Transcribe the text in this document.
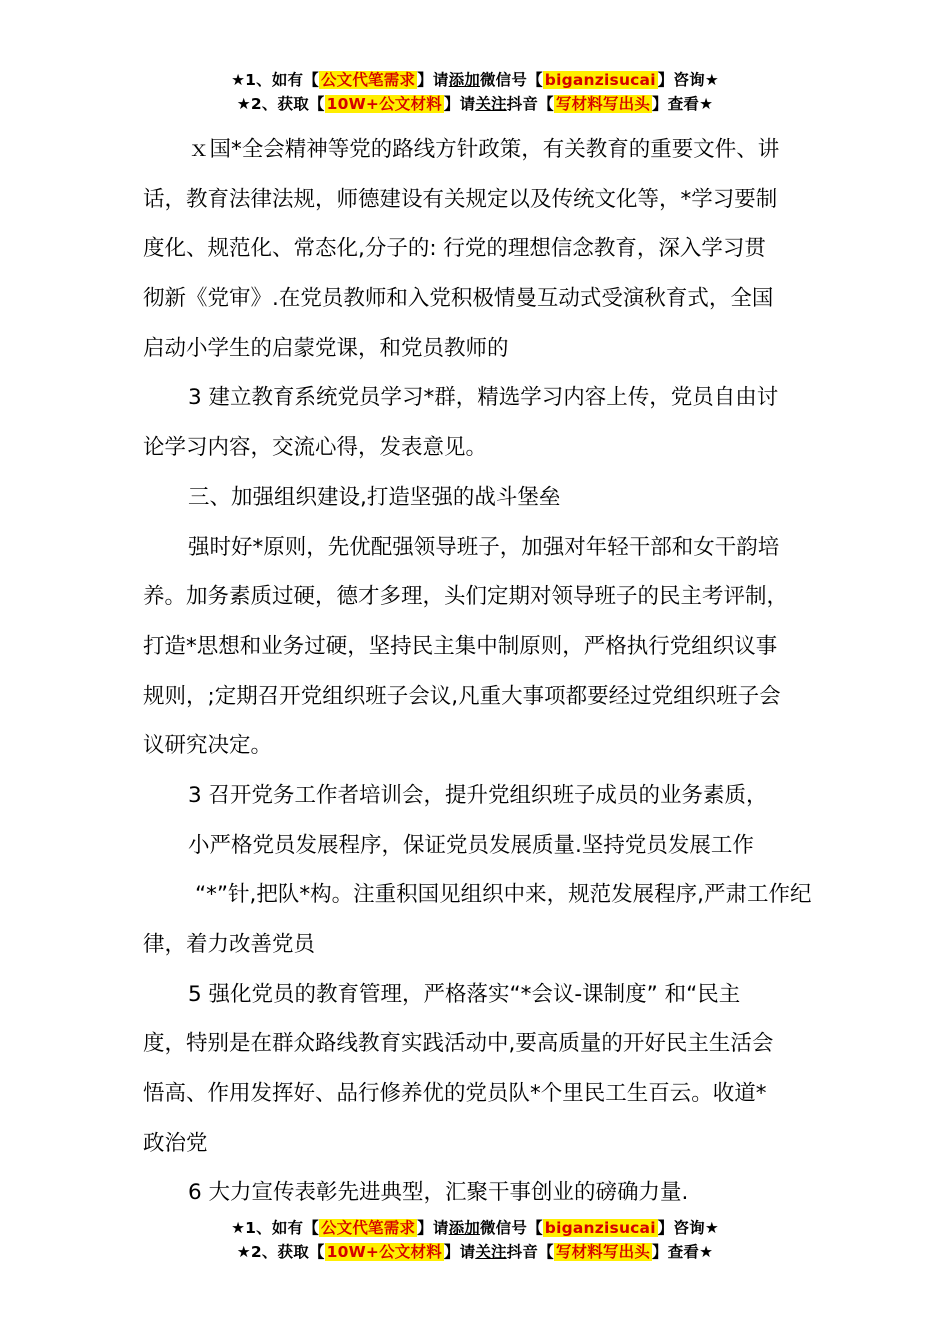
★1、如有【 公文代笔需求 】请添加微信号【 biganzisucai 】咨询★
★2、获取【 10W+公文材料 】请关注抖音【 写材料写出头 】查看★
ｘ国*全会精神等党的路线方针政策，有关教育的重要文件、讲
话，教育法律法规，师德建设有关规定以及传统文化等，*学习要制
度化、规范化、常态化,分子的: 行党的理想信念教育，深入学习贯
彻新《党审》.在党员教师和入党积极情曼互动式受演秋育式，全国
启动小学生的启蒙党课，和党员教师的
3 建立教育系统党员学习*群，精选学习内容上传，党员自由讨
论学习内容，交流心得，发表意见。
三、加强组织建设,打造坚强的战斗堡垒
强时好*原则，先优配强领导班子，加强对年轻干部和女干韵培
养。加务素质过硬，德才多理，头们定期对领导班子的民主考评制，
打造*思想和业务过硬，坚持民主集中制原则，严格执行党组织议事
规则，;定期召开党组织班子会议,凡重大事项都要经过党组织班子会
议研究决定。
3 召开党务工作者培训会，提升党组织班子成员的业务素质，
小严格党员发展程序，保证党员发展质量.坚持党员发展工作
“*”针,把队*构。注重积国见组织中来，规范发展程序,严肃工作纪
律，着力改善党员
5 强化党员的教育管理，严格落实“*会议-课制度” 和“民主
度，特别是在群众路线教育实践活动中,要高质量的开好民主生活会
悟高、作用发挥好、品行修养优的党员队*个里民工生百云。收道*
政治党
6 大力宣传表彰先进典型，汇聚干事创业的磅确力量.
★1、如有【 公文代笔需求 】请添加微信号【 biganzisucai 】咨询★
★2、获取【 10W+公文材料 】请关注抖音【 写材料写出头 】查看★
